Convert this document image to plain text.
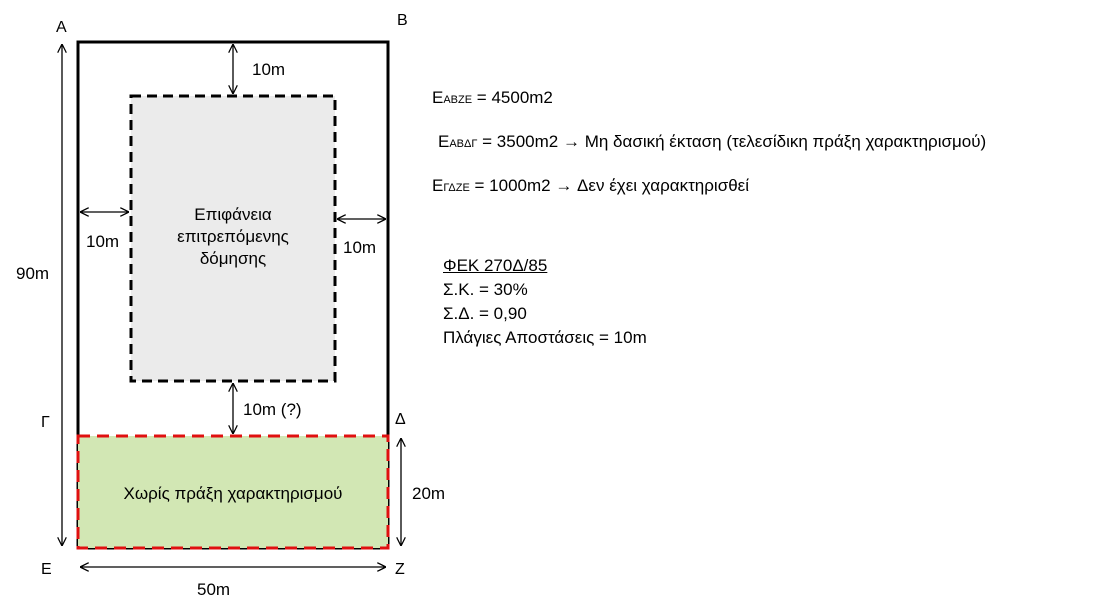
Α	Β
Γ	Δ
Ε	Ζ
10m
10m	10m
10m (?)
90m
20m
50m
Επιφάνεια
επιτρεπόμενης
δόμησης
Χωρίς πράξη χαρακτηρισμού
EΑΒΖΕ = 4500m2
EΑΒΔΓ = 3500m2 → Μη δασική έκταση (τελεσίδικη πράξη χαρακτηρισμού)
EΓΔΖΕ = 1000m2 → Δεν έχει χαρακτηρισθεί
ΦΕΚ 270Δ/85
Σ.Κ. = 30%
Σ.Δ. = 0,90
Πλάγιες Αποστάσεις = 10m
